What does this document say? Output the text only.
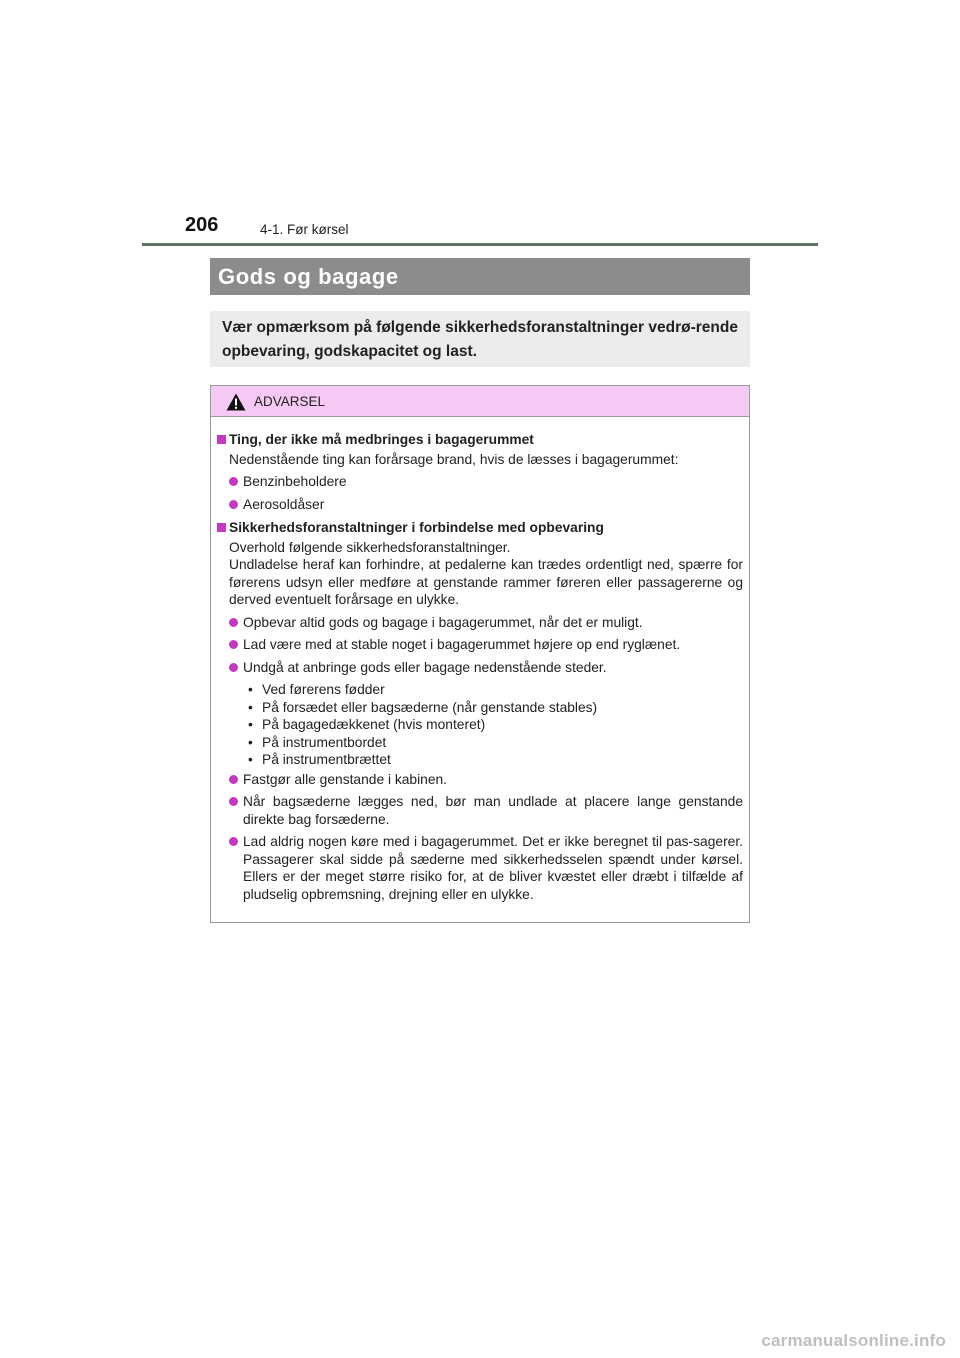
206	4-1. Før kørsel
Gods og bagage
Vær opmærksom på følgende sikkerhedsforanstaltninger vedrø-rende opbevaring, godskapacitet og last.
ADVARSEL
Ting, der ikke må medbringes i bagagerummet
Nedenstående ting kan forårsage brand, hvis de læsses i bagagerummet:
Benzinbeholdere
Aerosoldåser
Sikkerhedsforanstaltninger i forbindelse med opbevaring
Overhold følgende sikkerhedsforanstaltninger.
Undladelse heraf kan forhindre, at pedalerne kan trædes ordentligt ned, spærre for førerens udsyn eller medføre at genstande rammer føreren eller passagererne og derved eventuelt forårsage en ulykke.
Opbevar altid gods og bagage i bagagerummet, når det er muligt.
Lad være med at stable noget i bagagerummet højere op end ryglænet.
Undgå at anbringe gods eller bagage nedenstående steder.
• Ved førerens fødder
• På forsædet eller bagsæderne (når genstande stables)
• På bagagedækkenet (hvis monteret)
• På instrumentbordet
• På instrumentbrættet
Fastgør alle genstande i kabinen.
Når bagsæderne lægges ned, bør man undlade at placere lange genstande direkte bag forsæderne.
Lad aldrig nogen køre med i bagagerummet. Det er ikke beregnet til pas-sagerer. Passagerer skal sidde på sæderne med sikkerhedsselen spændt under kørsel. Ellers er der meget større risiko for, at de bliver kvæstet eller dræbt i tilfælde af pludselig opbremsning, drejning eller en ulykke.
carmanualsonline.info
